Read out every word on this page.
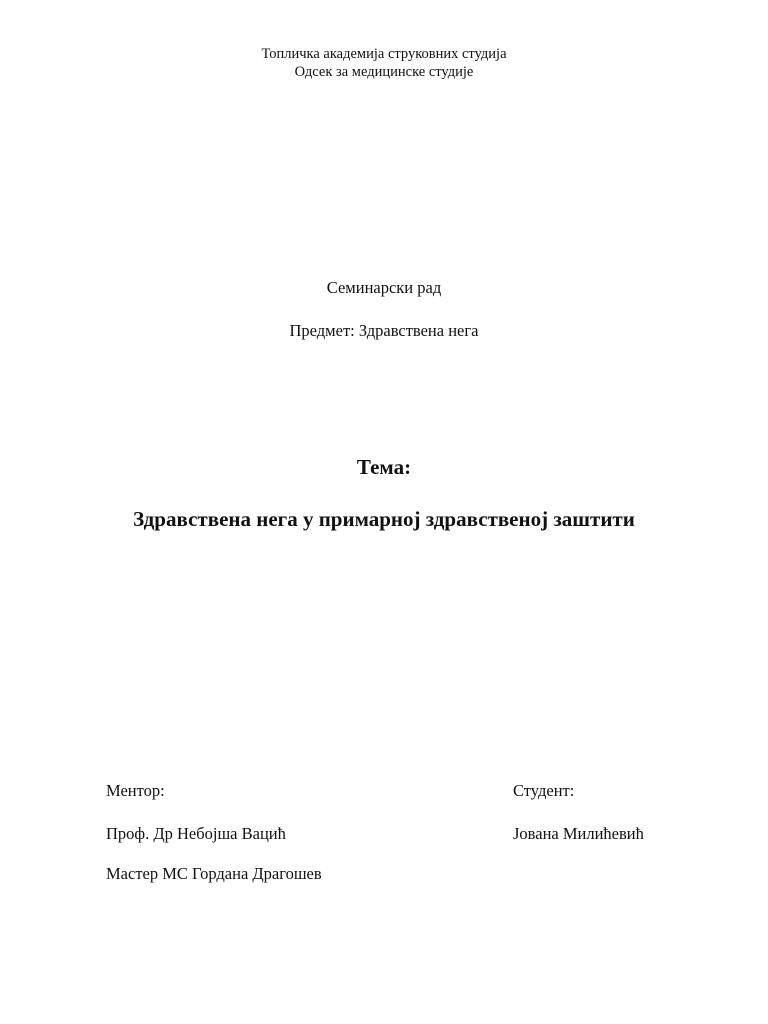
Топличка академија струковних студија
Одсек за медицинске студије
Семинарски рад
Предмет: Здравствена нега
Тема:
Здравствена нега у примарној здравственој заштити
Ментор:
Проф. Др Небојша Вацић
Мастер МС Гордана Драгошев
Студент:
Јована Милићевић
